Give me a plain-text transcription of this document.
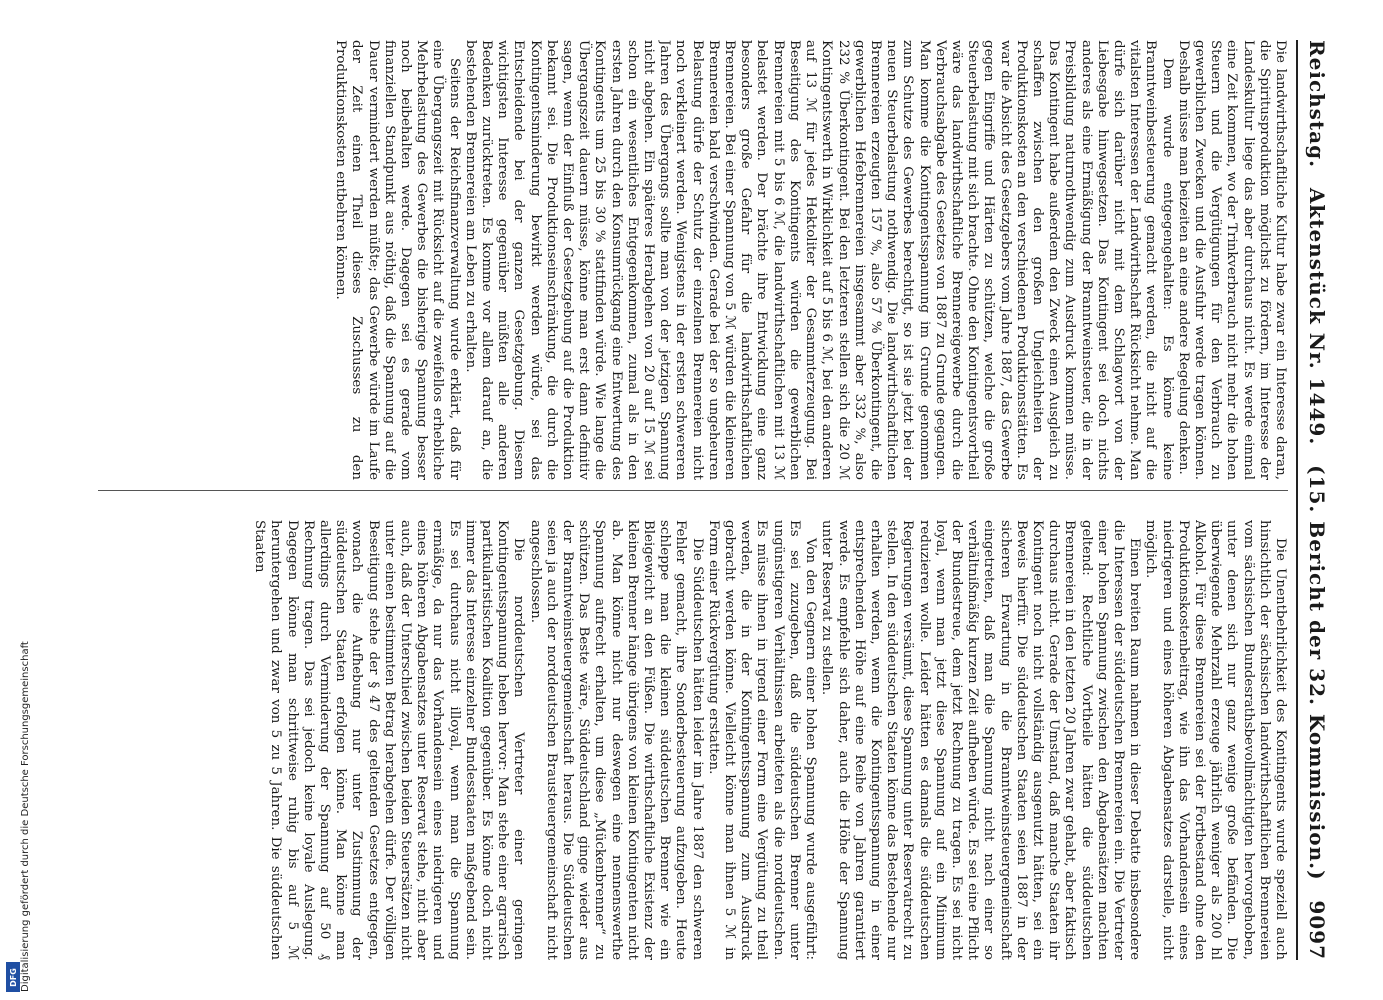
Reichstag.
Aktenstück Nr. 1449.
(15. Bericht der 32. Kommission.)
9097

Die landwirthschaftliche Kultur habe zwar ein Interesse daran, die Spiritusproduktion möglichst zu fördern, im Interesse der Landeskultur liege das aber durchaus nicht. Es werde einmal eine Zeit kommen, wo der Trinkverbrauch nicht mehr die hohen Steuern und die Vergütigungen für den Verbrauch zu gewerblichen Zwecken und die Ausfuhr werde tragen können. Deshalb müsse man beizeiten an eine andere Regelung denken.

Dem wurde entgegengehalten: Es könne keine Branntweinbesteuerung gemacht werden, die nicht auf die vitalsten Interessen der Landwirthschaft Rücksicht nehme. Man dürfe sich darüber nicht mit dem Schlagwort von der Liebesgabe hinwegsetzen. Das Kontingent sei doch nichts anderes als eine Ermäßigung der Branntweinsteuer, die in der Preisbildung naturnothwendig zum Ausdruck kommen müsse. Das Kontingent habe außerdem den Zweck einen Ausgleich zu schaffen zwischen den großen Ungleichheiten der Produktionskosten an den verschiedenen Produktionsstätten. Es war die Absicht des Gesetzgebers vom Jahre 1887, das Gewerbe gegen Eingriffe und Härten zu schützen, welche die große Steuerbelastung mit sich brachte. Ohne den Kontingentsvortheil wäre das landwirthschaftliche Brennereigewerbe durch die Verbrauchsabgabe des Gesetzes von 1887 zu Grunde gegangen. Man komme die Kontingentsspannung im Grunde genommen zum Schutze des Gewerbes berechtigt, so ist sie jetzt bei der neuen Steuerbelastung nothwendig. Die landwirthschaftlichen Brennereien erzeugten 157 %, also 57 % Überkontingent, die gewerblichen Hefebrennereien insgesammt aber 332 %, also 232 % Überkontingent. Bei den letzteren stellen sich die 20 ℳ Kontingentswerth in Wirklichkeit auf 5 bis 6 ℳ, bei den anderen auf 13 ℳ für jedes Hektoliter der Gesammterzeugung. Bei Beseitigung des Kontingents würden die gewerblichen Brennereien mit 5 bis 6 ℳ, die landwirthschaftlichen mit 13 ℳ belastet werden. Der brächte ihre Entwicklung eine ganz besonders große Gefahr für die landwirthschaftlichen Brennereien. Bei einer Spannung von 5 ℳ würden die kleineren Brennereien bald verschwinden. Gerade bei der so ungeheuren Belastung dürfe der Schutz der einzelnen Brennereien nicht noch verkleinert werden. Wenigstens in der ersten schwereren Jahren des Übergangs sollte man von der jetzigen Spannung nicht abgehen. Ein späteres Herabgehen von 20 auf 15 ℳ sei schon ein wesentliches Entgegenkommen, zumal als in den ersten Jahren durch den Konsumrückgang eine Entwertung des Kontingents um 25 bis 30 % stattfinden würde. Wie lange die Übergangszeit dauern müsse, könne man erst dann definitiv sagen, wenn der Einfluß der Gesetzgebung auf die Produktion bekannt sei. Die Produktionseinschränkung, die durch die Kontingentsminderung bewirkt werden würde, sei das Entscheidende bei der ganzen Gesetzgebung. Diesem wichtigsten Interesse gegenüber müßten alle anderen Bedenken zurücktreten. Es komme vor allem darauf an, die bestehenden Brennereien am Leben zu erhalten.

Seitens der Reichsfinanzverwaltung wurde erklärt, daß für eine Übergangszeit mit Rücksicht auf die zweifellos erhebliche Mehrbelastung des Gewerbes die bisherige Spannung besser noch beibehalten werde. Dagegen sei es gerade vom finanziellen Standpunkt aus nöthig, daß die Spannung auf die Dauer vermindert werden müßte; das Gewerbe würde im Laufe der Zeit einen Theil dieses Zuschusses zu den Produktionskosten entbehren können.

Die Unentbehrlichkeit des Kontingents wurde speziell auch hinsichtlich der sächsischen landwirthschaftlichen Brennereien vom sächsischen Bundesrathsbevollmächtigten hervorgehoben, unter denen sich nur ganz wenige große befänden. Die überwiegende Mehrzahl erzeuge jährlich weniger als 200 hl Alkohol. Für diese Brennereien sei der Fortbestand ohne den Produktionskostenbeitrag, wie ihn das Vorhandensein eines niedrigeren und eines höheren Abgabensatzes darstelle, nicht möglich.

Einen breiten Raum nahmen in dieser Debatte insbesondere die Interessen der süddeutschen Brennereien ein. Die Vertreter einer hohen Spannung zwischen den Abgabensätzen machten geltend: Rechtliche Vortheile hätten die süddeutschen Brennereien in den letzten 20 Jahren zwar gehabt, aber faktisch durchaus nicht. Gerade der Umstand, daß manche Staaten ihr Kontingent noch nicht vollständig ausgenutzt hätten, sei ein Beweis hierfür. Die süddeutschen Staaten seien 1887 in der sicheren Erwartung in die Branntweinsteuergemeinschaft eingetreten, daß man die Spannung nicht nach einer so verhältnißmäßig kurzen Zeit aufheben würde. Es sei eine Pflicht der Bundestreue, dem jetzt Rechnung zu tragen. Es sei nicht loyal, wenn man jetzt diese Spannung auf ein Minimum reduzieren wolle. Leider hätten es damals die süddeutschen Regierungen versäumt, diese Spannung unter Reservatrecht zu stellen. In den süddeutschen Staaten könne das Bestehende nur erhalten werden, wenn die Kontingentsspannung in einer entsprechenden Höhe auf eine Reihe von Jahren garantiert werde. Es empfehle sich daher, auch die Höhe der Spannung unter Reservat zu stellen.

Von den Gegnern einer hohen Spannung wurde ausgeführt: Es sei zuzugeben, daß die süddeutschen Brenner unter ungünstigeren Verhältnissen arbeiteten als die norddeutschen. Es müsse ihnen in irgend einer Form eine Vergütung zu theil werden, die in der Kontingentsspannung zum Ausdruck gebracht werden könne. Vielleicht könne man ihnen 5 ℳ in Form einer Rückvergütung erstatten.

Die Süddeutschen hätten leider im Jahre 1887 den schweren Fehler gemacht, ihre Sonderbesteuerung aufzugeben. Heute schleppe man die kleinen süddeutschen Brenner wie ein Bleigewicht an den Füßen. Die wirthschaftliche Existenz der kleinen Brenner hänge übrigens von kleinen Kontingenten nicht ab. Man könne nicht nur deswegen eine nennenswerthe Spannung aufrecht erhalten, um diese „Mückenbrenner“ zu schützen. Das Beste wäre, Süddeutschland ginge wieder aus der Branntweinsteuergemeinschaft heraus. Die Süddeutschen seien ja auch der norddeutschen Brausteuergemeinschaft nicht angeschlossen.

Die norddeutschen Vertreter einer geringen Kontingentsspannung heben hervor: Man stehe einer agrarisch partikularistischen Koalition gegenüber. Es könne doch nicht immer das Interesse einzelner Bundesstaaten maßgebend sein. Es sei durchaus nicht illoyal, wenn man die Spannung ermäßige, da nur das Vorhandensein eines niedrigeren und eines höheren Abgabensatzes unter Reservat stehe, nicht aber auch, daß der Unterschied zwischen beiden Steuersätzen nicht unter einen bestimmten Betrag herabgehen dürfe. Der völligen Beseitigung stehe der § 47 des geltenden Gesetzes entgegen, wonach die Aufhebung nur unter Zustimmung der süddeutschen Staaten erfolgen könne. Man könne man allerdings durch Verminderung der Spannung auf 50 ₰ Rechnung tragen. Das sei jedoch keine loyale Auslegung. Dagegen könne man schrittweise ruhig bis auf 5 ℳ heruntergehen und zwar von 5 zu 5 Jahren. Die süddeutschen Staaten

Digitalisierung gefördert durch die Deutsche Forschungsgemeinschaft
DFG
